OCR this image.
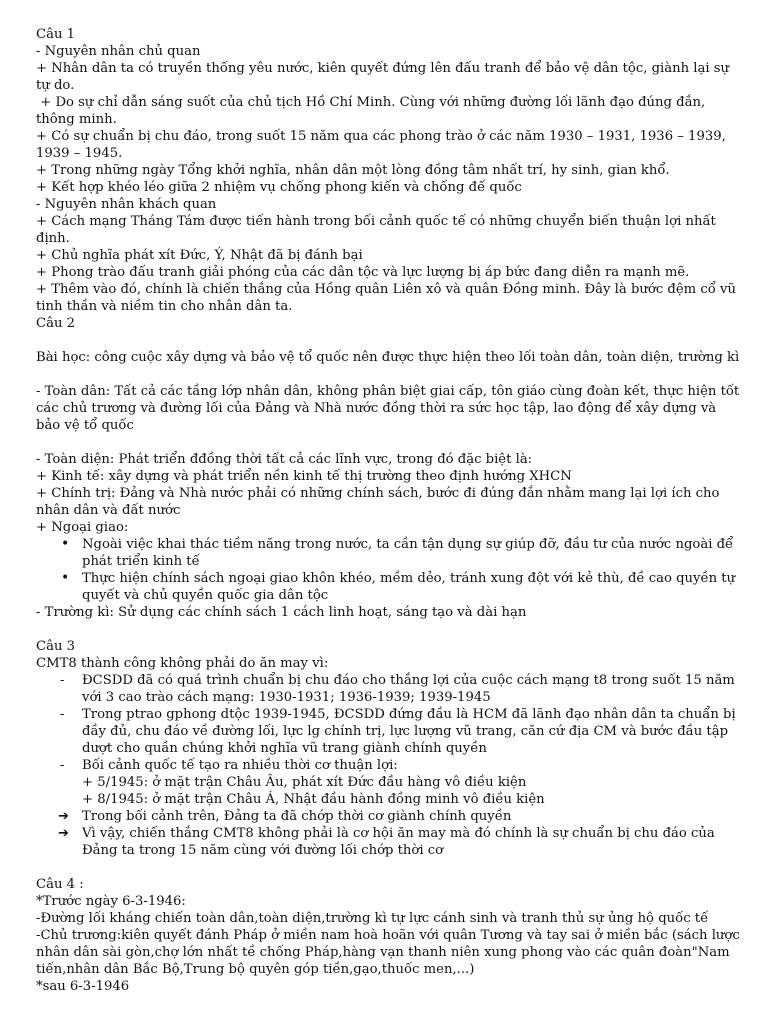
Câu 1

- Nguyên nhân chủ quan

+ Nhân dân ta có truyền thống yêu nước, kiên quyết đứng lên đấu tranh để bảo vệ dân tộc, giành lại sự tự do.

+ Do sự chỉ dẫn sáng suốt của chủ tịch Hồ Chí Minh. Cùng với những đường lối lãnh đạo đúng đắn, thông minh.

+ Có sự chuẩn bị chu đáo, trong suốt 15 năm qua các phong trào ở các năm 1930 – 1931, 1936 – 1939, 1939 – 1945.

+ Trong những ngày Tổng khởi nghĩa, nhân dân một lòng đồng tâm nhất trí, hy sinh, gian khổ.

+ Kết hợp khéo léo giữa 2 nhiệm vụ chống phong kiến và chống đế quốc

- Nguyên nhân khách quan

+ Cách mạng Tháng Tám được tiến hành trong bối cảnh quốc tế có những chuyển biến thuận lợi nhất định.

+ Chủ nghĩa phát xít Đức, Ý, Nhật đã bị đánh bại

+ Phong trào đấu tranh giải phóng của các dân tộc và lực lượng bị áp bức đang diễn ra mạnh mẽ.

+ Thêm vào đó, chính là chiến thắng của Hồng quân Liên xô và quân Đồng minh. Đây là bước đệm cổ vũ tinh thần và niềm tin cho nhân dân ta.

Câu 2

Bài học: công cuộc xây dựng và bảo vệ tổ quốc nên được thực hiện theo lối toàn dân, toàn diện, trường kì

- Toàn dân: Tất cả các tầng lớp nhân dân, không phân biệt giai cấp, tôn giáo cùng đoàn kết, thực hiện tốt các chủ trương và đường lối của Đảng và Nhà nước đồng thời ra sức học tập, lao động để xây dựng và bảo vệ tổ quốc

- Toàn diện: Phát triển đđồng thời tất cả các lĩnh vực, trong đó đặc biệt là:

+ Kinh tế: xây dựng và phát triển nền kinh tế thị trường theo định hướng XHCN

+ Chính trị: Đảng và Nhà nước phải có những chính sách, bước đi đúng đắn nhằm mang lại lợi ích cho nhân dân và đất nước

+ Ngoại giao:

• Ngoài việc khai thác tiềm năng trong nước, ta cần tận dụng sự giúp đỡ, đầu tư của nước ngoài để phát triển kinh tế
• Thực hiện chính sách ngoại giao khôn khéo, mềm dẻo, tránh xung đột với kẻ thù, đề cao quyền tự quyết và chủ quyền quốc gia dân tộc

- Trường kì: Sử dụng các chính sách 1 cách linh hoạt, sáng tạo và dài hạn

Câu 3

CMT8 thành công không phải do ăn may vì:

- ĐCSDD đã có quá trình chuẩn bị chu đáo cho thắng lợi của cuộc cách mạng t8 trong suốt 15 năm với 3 cao trào cách mạng: 1930-1931; 1936-1939; 1939-1945
- Trong ptrao gphong dtộc 1939-1945, ĐCSDD đứng đầu là HCM đã lãnh đạo nhân dân ta chuẩn bị đầy đủ, chu đáo về đường lối, lực lg chính trị, lực lượng vũ trang, căn cứ địa CM và bước đầu tập dượt cho quần chúng khởi nghĩa vũ trang giành chính quyền
- Bối cảnh quốc tế tạo ra nhiều thời cơ thuận lợi:

+ 5/1945: ở mặt trận Châu Âu, phát xít Đức đầu hàng vô điều kiện

+ 8/1945: ở mặt trận Châu Á, Nhật đầu hành đồng minh vô điều kiện

➔ Trong bối cảnh trên, Đảng ta đã chớp thời cơ giành chính quyền

➔ Vì vậy, chiến thắng CMT8 không phải là cơ hội ăn may mà đó chính là sự chuẩn bị chu đáo của Đảng ta trong 15 năm cùng với đường lối chớp thời cơ

Câu 4 :

*Trước ngày 6-3-1946:

-Đường lối kháng chiến toàn dân,toàn diện,trường kì tự lực cánh sinh và tranh thủ sự ủng hộ quốc tế

-Chủ trương:kiên quyết đánh Pháp ở miền nam hoà hoãn với quân Tương và tay sai ở miền bắc (sách lược nhân dân sài gòn,chợ lớn nhất tề chống Pháp,hàng vạn thanh niên xung phong vào các quân đoàn"Nam tiến,nhân dân Bắc Bộ,Trung bộ quyên góp tiền,gạo,thuốc men,...)

*sau 6-3-1946
